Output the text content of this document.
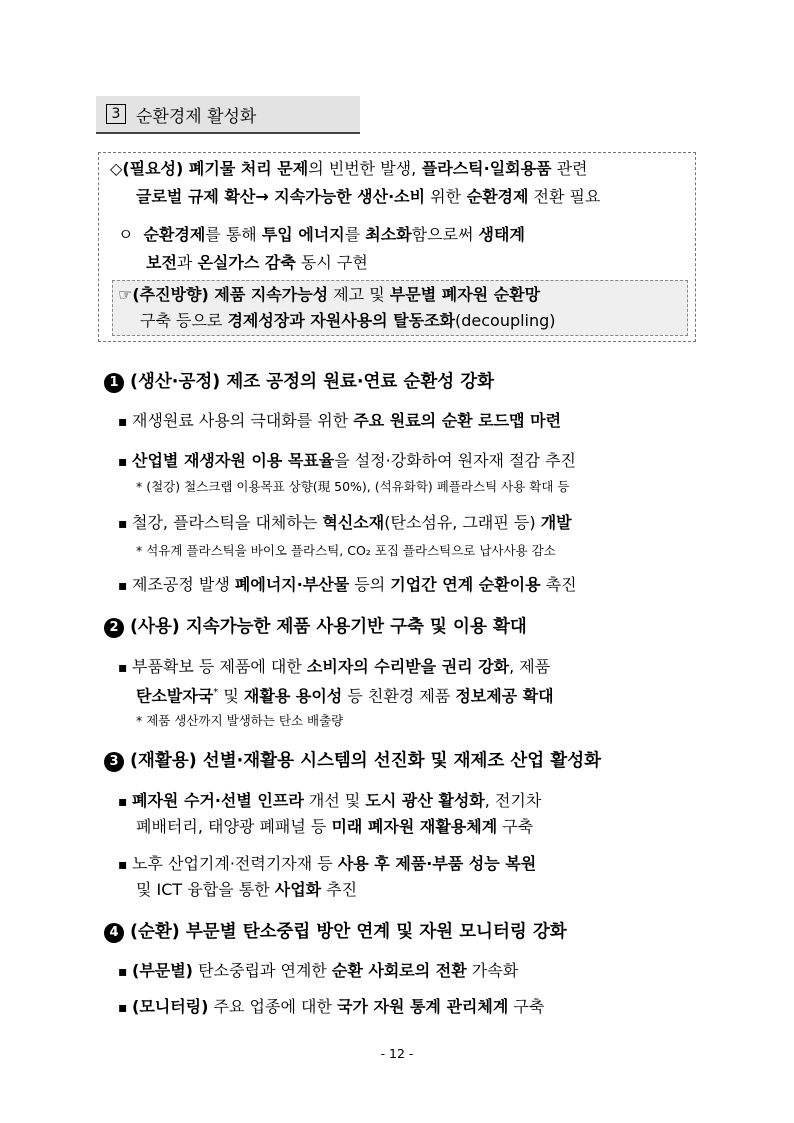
3 순환경제 활성화
◇(필요성) 폐기물 처리 문제의 빈번한 발생, 플라스틱·일회용품 관련
글로벌 규제 확산→ 지속가능한 생산·소비 위한 순환경제 전환 필요
ㅇ 순환경제를 통해 투입 에너지를 최소화함으로써 생태계
보전과 온실가스 감축 동시 구현
☞(추진방향) 제품 지속가능성 제고 및 부문별 폐자원 순환망
구축 등으로 경제성장과 자원사용의 탈동조화(decoupling)
1 (생산·공정) 제조 공정의 원료·연료 순환성 강화
▪ 재생원료 사용의 극대화를 위한 주요 원료의 순환 로드맵 마련
▪ 산업별 재생자원 이용 목표율을 설정·강화하여 원자재 절감 추진
* (철강) 철스크랩 이용목표 상향(現 50%), (석유화학) 폐플라스틱 사용 확대 등
▪ 철강, 플라스틱을 대체하는 혁신소재(탄소섬유, 그래핀 등) 개발
* 석유계 플라스틱을 바이오 플라스틱, CO₂ 포집 플라스틱으로 납사사용 감소
▪ 제조공정 발생 폐에너지·부산물 등의 기업간 연계 순환이용 촉진
2 (사용) 지속가능한 제품 사용기반 구축 및 이용 확대
▪ 부품확보 등 제품에 대한 소비자의 수리받을 권리 강화, 제품
탄소발자국* 및 재활용 용이성 등 친환경 제품 정보제공 확대
* 제품 생산까지 발생하는 탄소 배출량
3 (재활용) 선별·재활용 시스템의 선진화 및 재제조 산업 활성화
▪ 폐자원 수거·선별 인프라 개선 및 도시 광산 활성화, 전기차
폐배터리, 태양광 폐패널 등 미래 폐자원 재활용체계 구축
▪ 노후 산업기계·전력기자재 등 사용 후 제품·부품 성능 복원
및 ICT 융합을 통한 사업화 추진
4 (순환) 부문별 탄소중립 방안 연계 및 자원 모니터링 강화
▪ (부문별) 탄소중립과 연계한 순환 사회로의 전환 가속화
▪ (모니터링) 주요 업종에 대한 국가 자원 통계 관리체계 구축
- 12 -
